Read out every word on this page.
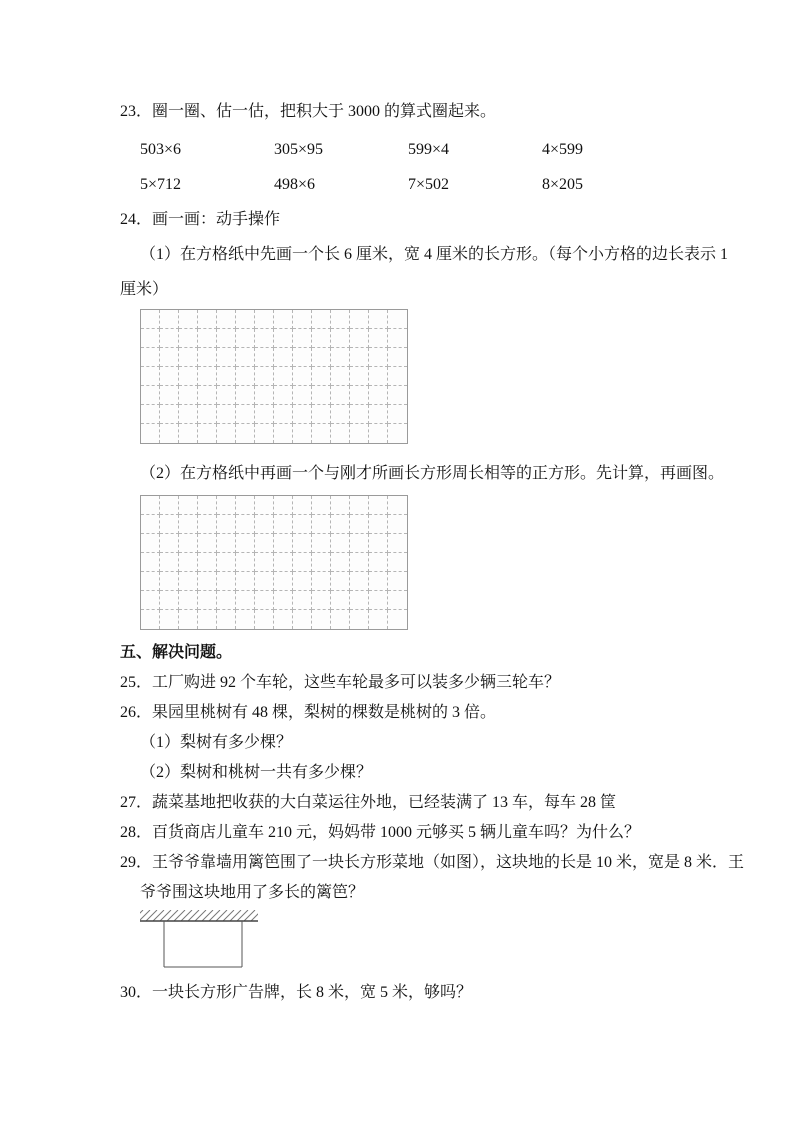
23．圈一圈、估一估，把积大于 3000 的算式圈起来。

503×6	305×95	599×4	4×599
5×712	498×6	7×502	8×205

24．画一画：动手操作

（1）在方格纸中先画一个长 6 厘米，宽 4 厘米的长方形。（每个小方格的边长表示 1

厘米）

（2）在方格纸中再画一个与刚才所画长方形周长相等的正方形。先计算，再画图。

五、解决问题。

25．工厂购进 92 个车轮，这些车轮最多可以装多少辆三轮车？

26．果园里桃树有 48 棵，梨树的棵数是桃树的 3 倍。

（1）梨树有多少棵？

（2）梨树和桃树一共有多少棵？

27．蔬菜基地把收获的大白菜运往外地，已经装满了 13 车，每车 28 筐

28．百货商店儿童车 210 元，妈妈带 1000 元够买 5 辆儿童车吗？为什么？

29．王爷爷靠墙用篱笆围了一块长方形菜地（如图），这块地的长是 10 米，宽是 8 米．王

爷爷围这块地用了多长的篱笆？

30．一块长方形广告牌，长 8 米，宽 5 米，够吗？
